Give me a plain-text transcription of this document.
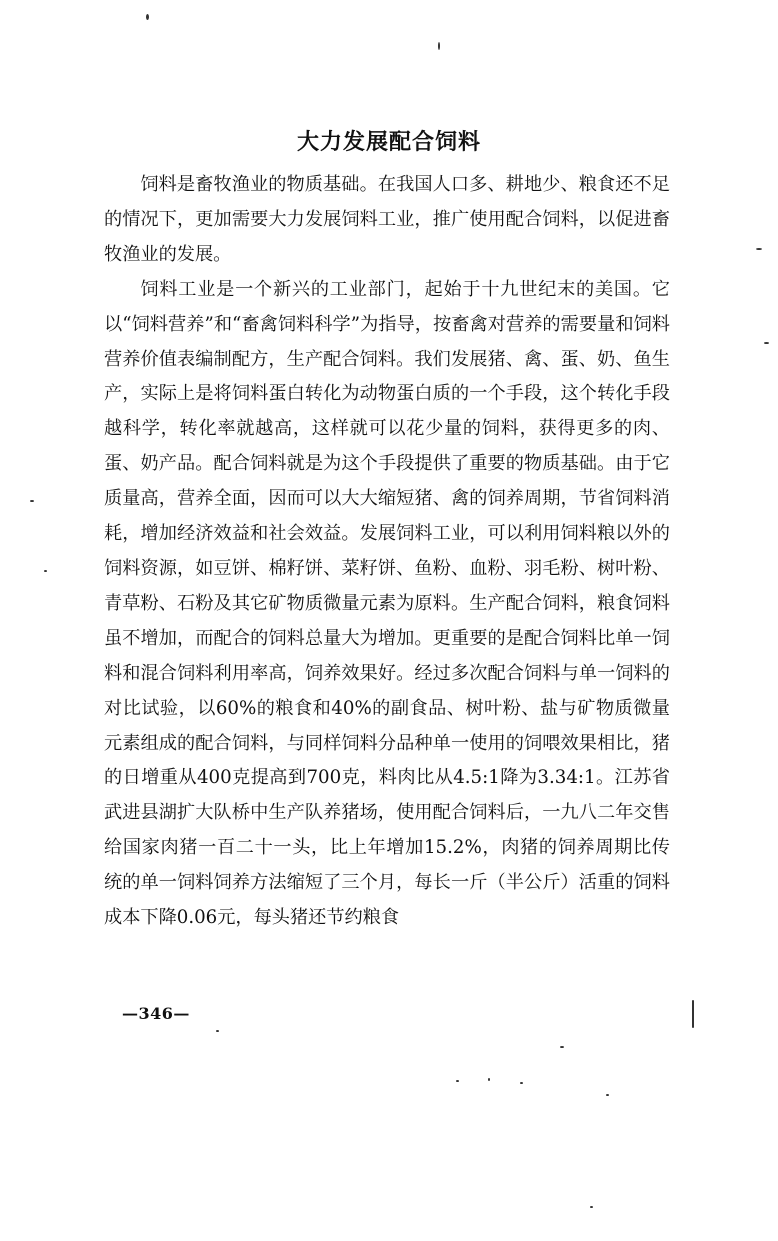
大力发展配合饲料

饲料是畜牧渔业的物质基础。在我国人口多、耕地少、粮食还不足的情况下，更加需要大力发展饲料工业，推广使用配合饲料，以促进畜牧渔业的发展。

饲料工业是一个新兴的工业部门，起始于十九世纪末的美国。它以“饲料营养”和“畜禽饲料科学”为指导，按畜禽对营养的需要量和饲料营养价值表编制配方，生产配合饲料。我们发展猪、禽、蛋、奶、鱼生产，实际上是将饲料蛋白转化为动物蛋白质的一个手段，这个转化手段越科学，转化率就越高，这样就可以花少量的饲料，获得更多的肉、蛋、奶产品。配合饲料就是为这个手段提供了重要的物质基础。由于它质量高，营养全面，因而可以大大缩短猪、禽的饲养周期，节省饲料消耗，增加经济效益和社会效益。发展饲料工业，可以利用饲料粮以外的饲料资源，如豆饼、棉籽饼、菜籽饼、鱼粉、血粉、羽毛粉、树叶粉、青草粉、石粉及其它矿物质微量元素为原料。生产配合饲料，粮食饲料虽不增加，而配合的饲料总量大为增加。更重要的是配合饲料比单一饲料和混合饲料利用率高，饲养效果好。经过多次配合饲料与单一饲料的对比试验，以60%的粮食和40%的副食品、树叶粉、盐与矿物质微量元素组成的配合饲料，与同样饲料分品种单一使用的饲喂效果相比，猪的日增重从400克提高到700克，料肉比从4.5:1降为3.34:1。江苏省武进县湖扩大队桥中生产队养猪场，使用配合饲料后，一九八二年交售给国家肉猪一百二十一头，比上年增加15.2%，肉猪的饲养周期比传统的单一饲料饲养方法缩短了三个月，每长一斤（半公斤）活重的饲料成本下降0.06元，每头猪还节约粮食

—346—
